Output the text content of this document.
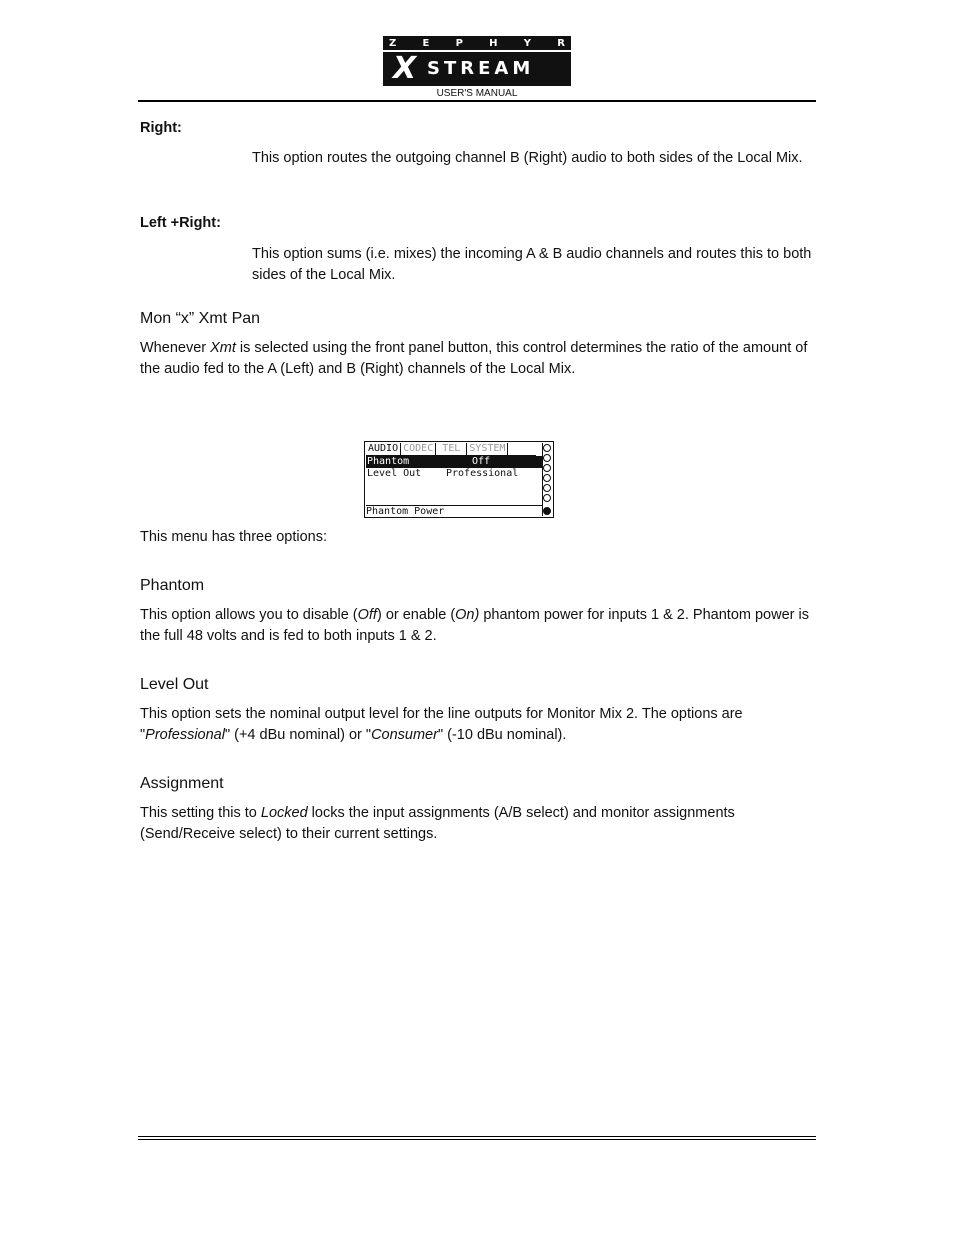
Z	E	P	H	Y	R
X STREAM
USER'S MANUAL
Right:
This option routes the outgoing channel B (Right) audio to both sides of the Local Mix.
Left +Right:
This option sums (i.e. mixes) the incoming A & B audio channels and routes this to both sides of the Local Mix.
Mon “x” Xmt Pan
Whenever Xmt is selected using the front panel button, this control determines the ratio of the amount of the audio fed to the A (Left) and B (Right) channels of the Local Mix.
AUDIO CODEC TEL SYSTEM
Phantom	Off
Level Out Professional
Phantom Power
This menu has three options:
Phantom
This option allows you to disable (Off) or enable (On) phantom power for inputs 1 & 2. Phantom power is the full 48 volts and is fed to both inputs 1 & 2.
Level Out
This option sets the nominal output level for the line outputs for Monitor Mix 2. The options are "Professional" (+4 dBu nominal) or "Consumer" (-10 dBu nominal).
Assignment
This setting this to Locked locks the input assignments (A/B select) and monitor assignments (Send/Receive select) to their current settings.
